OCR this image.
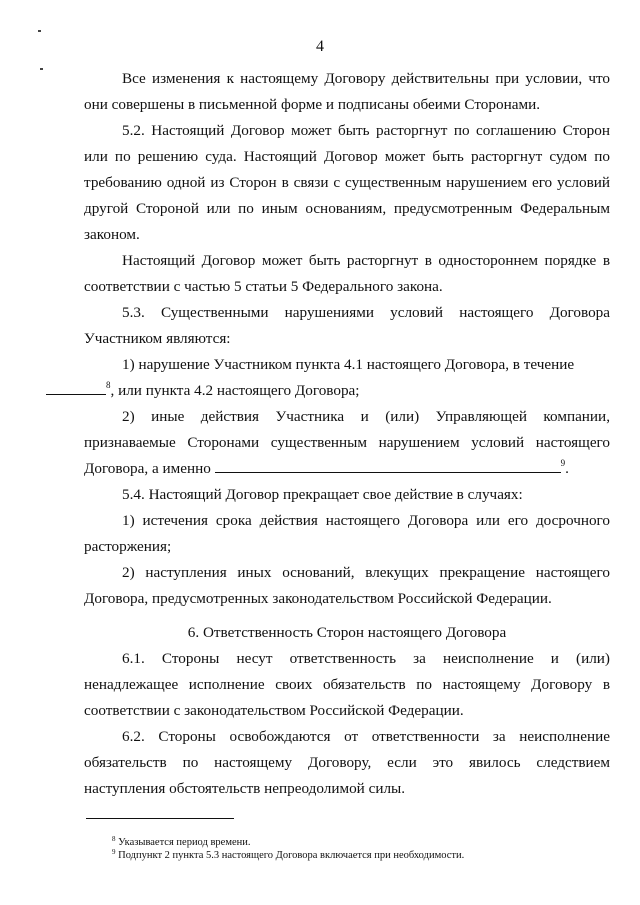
4

Все изменения к настоящему Договору действительны при условии, что они совершены в письменной форме и подписаны обеими Сторонами.

5.2. Настоящий Договор может быть расторгнут по соглашению Сторон или по решению суда. Настоящий Договор может быть расторгнут судом по требованию одной из Сторон в связи с существенным нарушением его условий другой Стороной или по иным основаниям, предусмотренным Федеральным законом.

Настоящий Договор может быть расторгнут в одностороннем порядке в соответствии с частью 5 статьи 5 Федерального закона.

5.3. Существенными нарушениями условий настоящего Договора Участником являются:

1) нарушение Участником пункта 4.1 настоящего Договора, в течение
$^8$, или пункта 4.2 настоящего Договора;

2) иные действия Участника и (или) Управляющей компании, признаваемые Сторонами существенным нарушением условий настоящего Договора, а именно	$^9$.

5.4. Настоящий Договор прекращает свое действие в случаях:

1) истечения срока действия настоящего Договора или его досрочного расторжения;

2) наступления иных оснований, влекущих прекращение настоящего Договора, предусмотренных законодательством Российской Федерации.

6. Ответственность Сторон настоящего Договора

6.1. Стороны несут ответственность за неисполнение и (или) ненадлежащее исполнение своих обязательств по настоящему Договору в соответствии с законодательством Российской Федерации.

6.2. Стороны освобождаются от ответственности за неисполнение обязательств по настоящему Договору, если это явилось следствием наступления обстоятельств непреодолимой силы.

$^8$ Указывается период времени.
$^9$ Подпункт 2 пункта 5.3 настоящего Договора включается при необходимости.
